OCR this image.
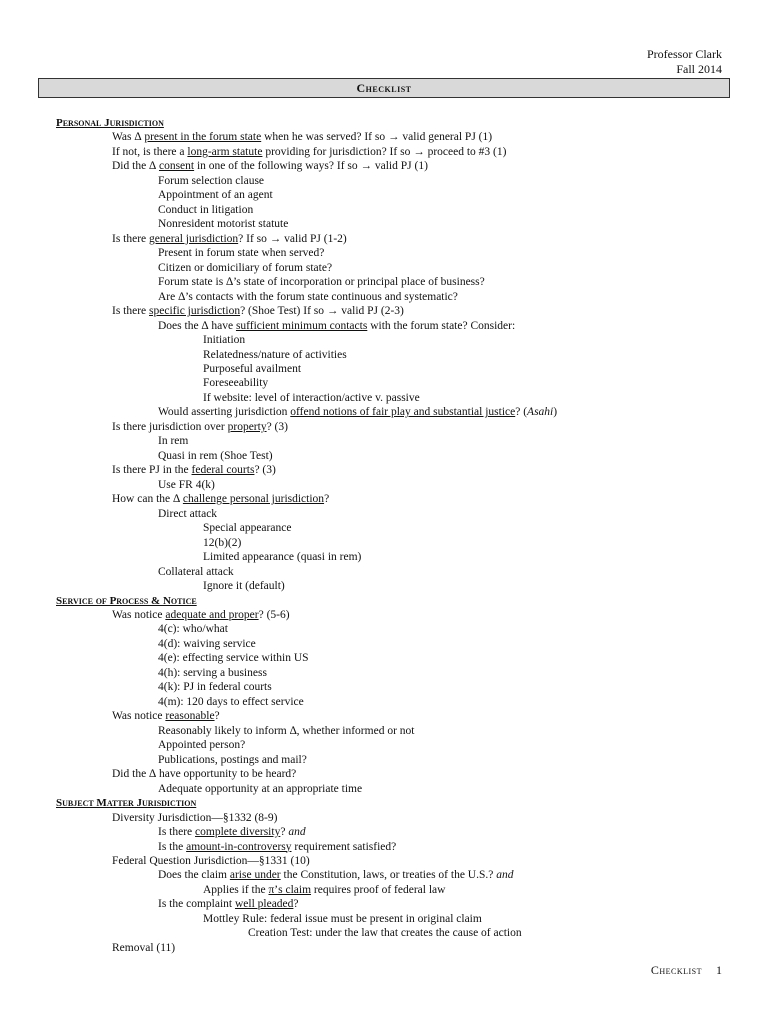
Professor Clark
Fall 2014
Checklist
Personal Jurisdiction
Was ∆ present in the forum state when he was served? If so → valid general PJ (1)
If not, is there a long-arm statute providing for jurisdiction? If so → proceed to #3 (1)
Did the ∆ consent in one of the following ways? If so → valid PJ (1)
Forum selection clause
Appointment of an agent
Conduct in litigation
Nonresident motorist statute
Is there general jurisdiction? If so → valid PJ (1-2)
Present in forum state when served?
Citizen or domiciliary of forum state?
Forum state is ∆’s state of incorporation or principal place of business?
Are ∆’s contacts with the forum state continuous and systematic?
Is there specific jurisdiction? (Shoe Test) If so → valid PJ (2-3)
Does the ∆ have sufficient minimum contacts with the forum state? Consider:
Initiation
Relatedness/nature of activities
Purposeful availment
Foreseeability
If website: level of interaction/active v. passive
Would asserting jurisdiction offend notions of fair play and substantial justice? (Asahi)
Is there jurisdiction over property? (3)
In rem
Quasi in rem (Shoe Test)
Is there PJ in the federal courts? (3)
Use FR 4(k)
How can the ∆ challenge personal jurisdiction?
Direct attack
Special appearance
12(b)(2)
Limited appearance (quasi in rem)
Collateral attack
Ignore it (default)
Service of Process & Notice
Was notice adequate and proper? (5-6)
4(c): who/what
4(d): waiving service
4(e): effecting service within US
4(h): serving a business
4(k): PJ in federal courts
4(m): 120 days to effect service
Was notice reasonable?
Reasonably likely to inform ∆, whether informed or not
Appointed person?
Publications, postings and mail?
Did the ∆ have opportunity to be heard?
Adequate opportunity at an appropriate time
Subject Matter Jurisdiction
Diversity Jurisdiction—§1332 (8-9)
Is there complete diversity? and
Is the amount-in-controversy requirement satisfied?
Federal Question Jurisdiction—§1331 (10)
Does the claim arise under the Constitution, laws, or treaties of the U.S.? and
Applies if the π’s claim requires proof of federal law
Is the complaint well pleaded?
Mottley Rule: federal issue must be present in original claim
Creation Test: under the law that creates the cause of action
Removal (11)
Checklist 1
